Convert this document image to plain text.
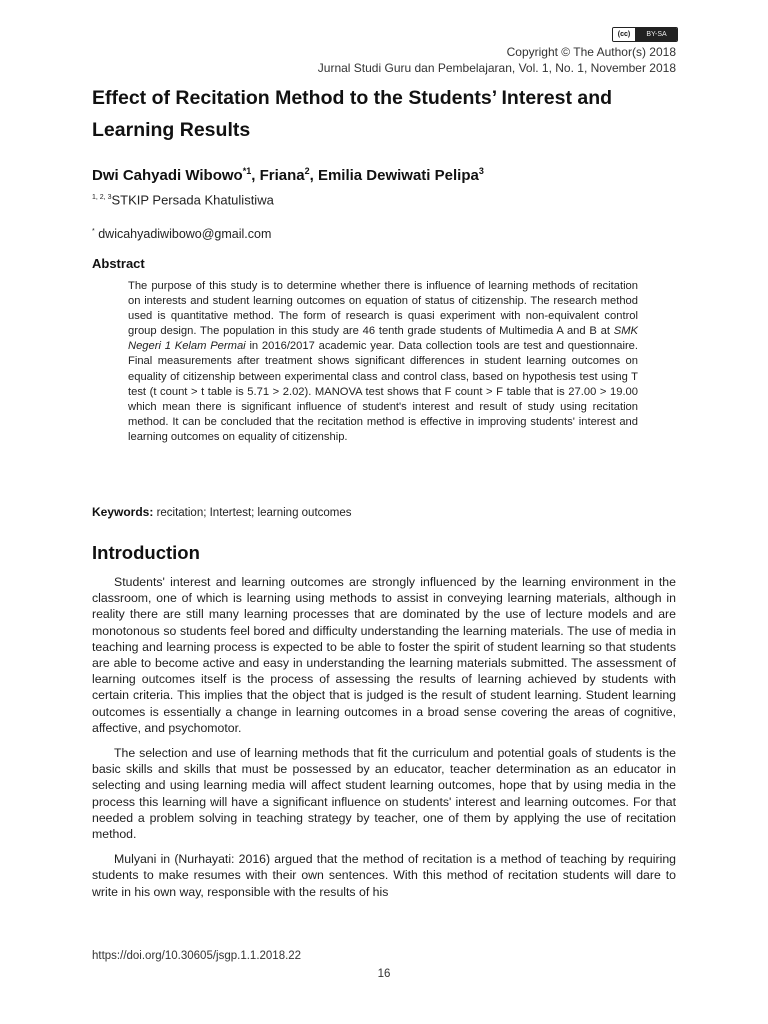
(cc)	BY-SA
Copyright © The Author(s) 2018
Jurnal Studi Guru dan Pembelajaran, Vol. 1, No. 1, November 2018
Effect of Recitation Method to the Students’ Interest and Learning Results
Dwi Cahyadi Wibowo$^{*1}$, Friana$^2$, Emilia Dewiwati Pelipa$^3$
$^{1, 2, 3}$STKIP Persada Khatulistiwa
* dwicahyadiwibowo@gmail.com
Abstract
The purpose of this study is to determine whether there is influence of learning methods of recitation on interests and student learning outcomes on equation of status of citizenship. The research method used is quantitative method. The form of research is quasi experiment with non-equivalent control group design. The population in this study are 46 tenth grade students of Multimedia A and B at SMK Negeri 1 Kelam Permai in 2016/2017 academic year. Data collection tools are test and questionnaire. Final measurements after treatment shows significant differences in student learning outcomes on equality of citizenship between experimental class and control class, based on hypothesis test using T test (t count > t table is 5.71 > 2.02). MANOVA test shows that F count > F table that is 27.00 > 19.00 which mean there is significant influence of student's interest and result of study using recitation method. It can be concluded that the recitation method is effective in improving students' interest and learning outcomes on equality of citizenship.
Keywords: recitation; Intertest; learning outcomes
Introduction

Students' interest and learning outcomes are strongly influenced by the learning environment in the classroom, one of which is learning using methods to assist in conveying learning materials, although in reality there are still many learning processes that are dominated by the use of lecture models and are monotonous so students feel bored and difficulty understanding the learning materials. The use of media in teaching and learning process is expected to be able to foster the spirit of student learning so that students are able to become active and easy in understanding the learning materials submitted. The assessment of learning outcomes itself is the process of assessing the results of learning achieved by students with certain criteria. This implies that the object that is judged is the result of student learning. Student learning outcomes is essentially a change in learning outcomes in a broad sense covering the areas of cognitive, affective, and psychomotor.

The selection and use of learning methods that fit the curriculum and potential goals of students is the basic skills and skills that must be possessed by an educator, teacher determination as an educator in selecting and using learning media will affect student learning outcomes, hope that by using media in the process this learning will have a significant influence on students' interest and learning outcomes. For that needed a problem solving in teaching strategy by teacher, one of them by applying the use of recitation method.

Mulyani in (Nurhayati: 2016) argued that the method of recitation is a method of teaching by requiring students to make resumes with their own sentences. With this method of recitation students will dare to write in his own way, responsible with the results of his

https://doi.org/10.30605/jsgp.1.1.2018.22
16
